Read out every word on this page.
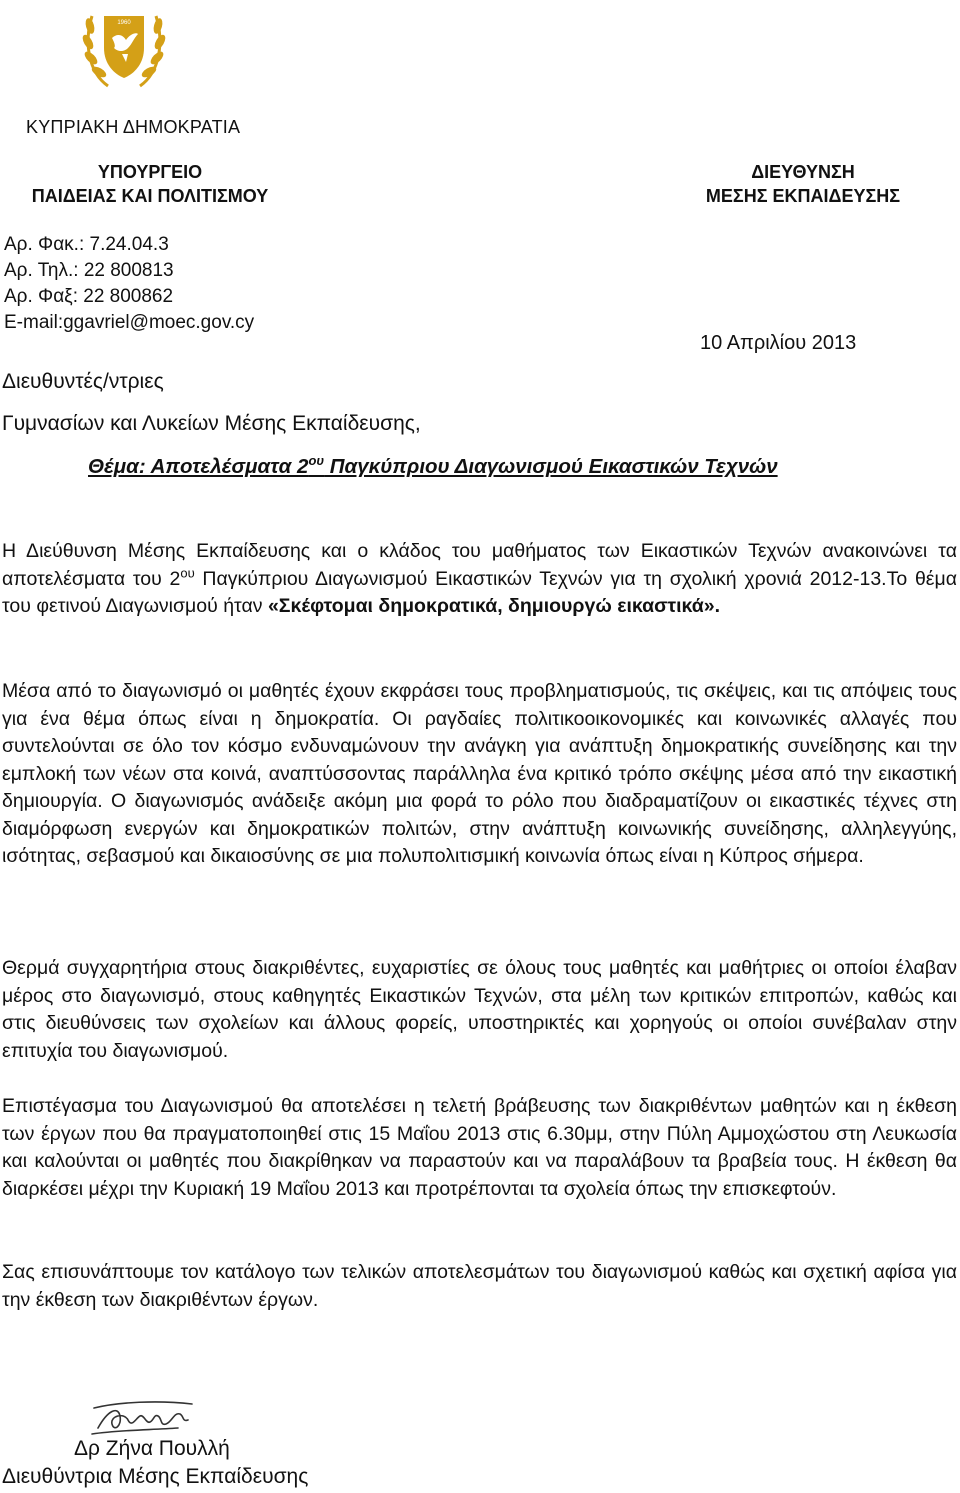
1960
ΚΥΠΡΙΑΚΗ ΔΗΜΟΚΡΑΤΙΑ
ΥΠΟΥΡΓΕΙΟ
ΠΑΙΔΕΙΑΣ ΚΑΙ ΠΟΛΙΤΙΣΜΟΥ
ΔΙΕΥΘΥΝΣΗ
ΜΕΣΗΣ ΕΚΠΑΙΔΕΥΣΗΣ
Αρ. Φακ.: 7.24.04.3
Αρ. Τηλ.: 22 800813
Αρ. Φαξ: 22 800862
E-mail:ggavriel@moec.gov.cy
10 Απριλίου 2013
Διευθυντές/ντριες
Γυμνασίων και Λυκείων Μέσης Εκπαίδευσης,
Θέμα: Αποτελέσματα $2^{o\upsilon}$ Παγκύπριου Διαγωνισμού Εικαστικών Τεχνών

Η Διεύθυνση Μέσης Εκπαίδευσης και ο κλάδος του μαθήματος των Εικαστικών Τεχνών ανακοινώνει τα αποτελέσματα του $2^{o\upsilon}$ Παγκύπριου Διαγωνισμού Εικαστικών Τεχνών για τη σχολική χρονιά 2012-13.Το θέμα του φετινού Διαγωνισμού ήταν «Σκέφτομαι δημοκρατικά, δημιουργώ εικαστικά».

Μέσα από το διαγωνισμό οι μαθητές έχουν εκφράσει τους προβληματισμούς, τις σκέψεις, και τις απόψεις τους για ένα θέμα όπως είναι η δημοκρατία. Οι ραγδαίες πολιτικοοικονομικές και κοινωνικές αλλαγές που συντελούνται σε όλο τον κόσμο ενδυναμώνουν την ανάγκη για ανάπτυξη δημοκρατικής συνείδησης και την εμπλοκή των νέων στα κοινά, αναπτύσσοντας παράλληλα ένα κριτικό τρόπο σκέψης μέσα από την εικαστική δημιουργία. Ο διαγωνισμός ανάδειξε ακόμη μια φορά το ρόλο που διαδραματίζουν οι εικαστικές τέχνες στη διαμόρφωση ενεργών και δημοκρατικών πολιτών, στην ανάπτυξη κοινωνικής συνείδησης, αλληλεγγύης, ισότητας, σεβασμού και δικαιοσύνης σε μια πολυπολιτισμική κοινωνία όπως είναι η Κύπρος σήμερα.

Θερμά συγχαρητήρια στους διακριθέντες, ευχαριστίες σε όλους τους μαθητές και μαθήτριες οι οποίοι έλαβαν μέρος στο διαγωνισμό, στους καθηγητές Εικαστικών Τεχνών, στα μέλη των κριτικών επιτροπών, καθώς και στις διευθύνσεις των σχολείων και άλλους φορείς, υποστηρικτές και χορηγούς οι οποίοι συνέβαλαν στην επιτυχία του διαγωνισμού.

Επιστέγασμα του Διαγωνισμού θα αποτελέσει η τελετή βράβευσης των διακριθέντων μαθητών και η έκθεση των έργων που θα πραγματοποιηθεί στις 15 Μαΐου 2013 στις 6.30μμ, στην Πύλη Αμμοχώστου στη Λευκωσία και καλούνται οι μαθητές που διακρίθηκαν να παραστούν και να παραλάβουν τα βραβεία τους. Η έκθεση θα διαρκέσει μέχρι την Κυριακή 19 Μαΐου 2013 και προτρέπονται τα σχολεία όπως την επισκεφτούν.

Σας επισυνάπτουμε τον κατάλογο των τελικών αποτελεσμάτων του διαγωνισμού καθώς και σχετική αφίσα για την έκθεση των διακριθέντων έργων.

Δρ Ζήνα Πουλλή
Διευθύντρια Μέσης Εκπαίδευσης
